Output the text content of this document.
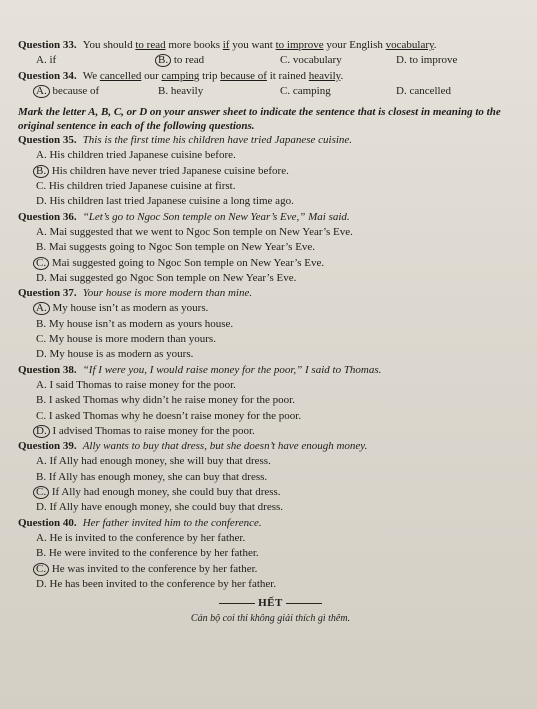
Question 33. You should to read more books if you want to improve your English vocabulary.
A. if	B. to read	C. vocabulary	D. to improve
Question 34. We cancelled our camping trip because of it rained heavily.
A. because of	B. heavily	C. camping	D. cancelled
Mark the letter A, B, C, or D on your answer sheet to indicate the sentence that is closest in meaning to the original sentence in each of the following questions.
Question 35. This is the first time his children have tried Japanese cuisine.
A. His children tried Japanese cuisine before.
B. His children have never tried Japanese cuisine before.
C. His children tried Japanese cuisine at first.
D. His children last tried Japanese cuisine a long time ago.
Question 36. “Let’s go to Ngoc Son temple on New Year’s Eve,” Mai said.
A. Mai suggested that we went to Ngoc Son temple on New Year’s Eve.
B. Mai suggests going to Ngoc Son temple on New Year’s Eve.
C. Mai suggested going to Ngoc Son temple on New Year’s Eve.
D. Mai suggested go Ngoc Son temple on New Year’s Eve.
Question 37. Your house is more modern than mine.
A. My house isn’t as modern as yours.
B. My house isn’t as modern as yours house.
C. My house is more modern than yours.
D. My house is as modern as yours.
Question 38. “If I were you, I would raise money for the poor,” I said to Thomas.
A. I said Thomas to raise money for the poor.
B. I asked Thomas why didn’t he raise money for the poor.
C. I asked Thomas why he doesn’t raise money for the poor.
D. I advised Thomas to raise money for the poor.
Question 39. Ally wants to buy that dress, but she doesn’t have enough money.
A. If Ally had enough money, she will buy that dress.
B. If Ally has enough money, she can buy that dress.
C. If Ally had enough money, she could buy that dress.
D. If Ally have enough money, she could buy that dress.
Question 40. Her father invited him to the conference.
A. He is invited to the conference by her father.
B. He were invited to the conference by her father.
C. He was invited to the conference by her father.
D. He has been invited to the conference by her father.
HẾT
Cán bộ coi thi không giải thích gì thêm.
